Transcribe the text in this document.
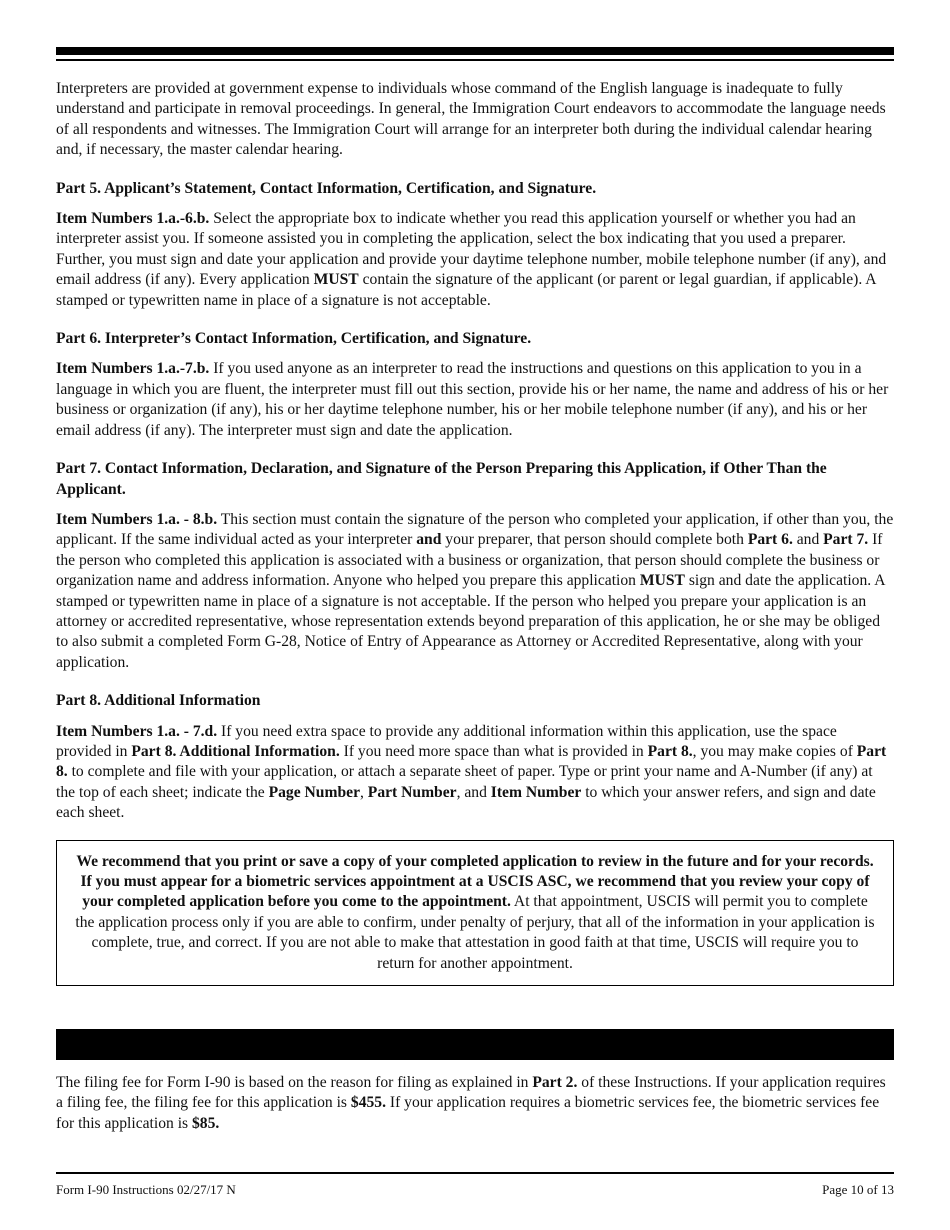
Interpreters are provided at government expense to individuals whose command of the English language is inadequate to fully understand and participate in removal proceedings. In general, the Immigration Court endeavors to accommodate the language needs of all respondents and witnesses. The Immigration Court will arrange for an interpreter both during the individual calendar hearing and, if necessary, the master calendar hearing.

Part 5. Applicant’s Statement, Contact Information, Certification, and Signature.

Item Numbers 1.a.-6.b. Select the appropriate box to indicate whether you read this application yourself or whether you had an interpreter assist you. If someone assisted you in completing the application, select the box indicating that you used a preparer. Further, you must sign and date your application and provide your daytime telephone number, mobile telephone number (if any), and email address (if any). Every application MUST contain the signature of the applicant (or parent or legal guardian, if applicable). A stamped or typewritten name in place of a signature is not acceptable.

Part 6. Interpreter’s Contact Information, Certification, and Signature.

Item Numbers 1.a.-7.b. If you used anyone as an interpreter to read the instructions and questions on this application to you in a language in which you are fluent, the interpreter must fill out this section, provide his or her name, the name and address of his or her business or organization (if any), his or her daytime telephone number, his or her mobile telephone number (if any), and his or her email address (if any). The interpreter must sign and date the application.

Part 7. Contact Information, Declaration, and Signature of the Person Preparing this Application, if Other Than the Applicant.

Item Numbers 1.a. - 8.b. This section must contain the signature of the person who completed your application, if other than you, the applicant. If the same individual acted as your interpreter and your preparer, that person should complete both Part 6. and Part 7. If the person who completed this application is associated with a business or organization, that person should complete the business or organization name and address information. Anyone who helped you prepare this application MUST sign and date the application. A stamped or typewritten name in place of a signature is not acceptable. If the person who helped you prepare your application is an attorney or accredited representative, whose representation extends beyond preparation of this application, he or she may be obliged to also submit a completed Form G-28, Notice of Entry of Appearance as Attorney or Accredited Representative, along with your application.

Part 8. Additional Information

Item Numbers 1.a. - 7.d. If you need extra space to provide any additional information within this application, use the space provided in Part 8. Additional Information. If you need more space than what is provided in Part 8., you may make copies of Part 8. to complete and file with your application, or attach a separate sheet of paper. Type or print your name and A-Number (if any) at the top of each sheet; indicate the Page Number, Part Number, and Item Number to which your answer refers, and sign and date each sheet.

We recommend that you print or save a copy of your completed application to review in the future and for your records. If you must appear for a biometric services appointment at a USCIS ASC, we recommend that you review your copy of your completed application before you come to the appointment. At that appointment, USCIS will permit you to complete the application process only if you are able to confirm, under penalty of perjury, that all of the information in your application is complete, true, and correct. If you are not able to make that attestation in good faith at that time, USCIS will require you to return for another appointment.

The filing fee for Form I-90 is based on the reason for filing as explained in Part 2. of these Instructions. If your application requires a filing fee, the filing fee for this application is $455. If your application requires a biometric services fee, the biometric services fee for this application is $85.

Form I-90 Instructions 02/27/17 N	Page 10 of 13
